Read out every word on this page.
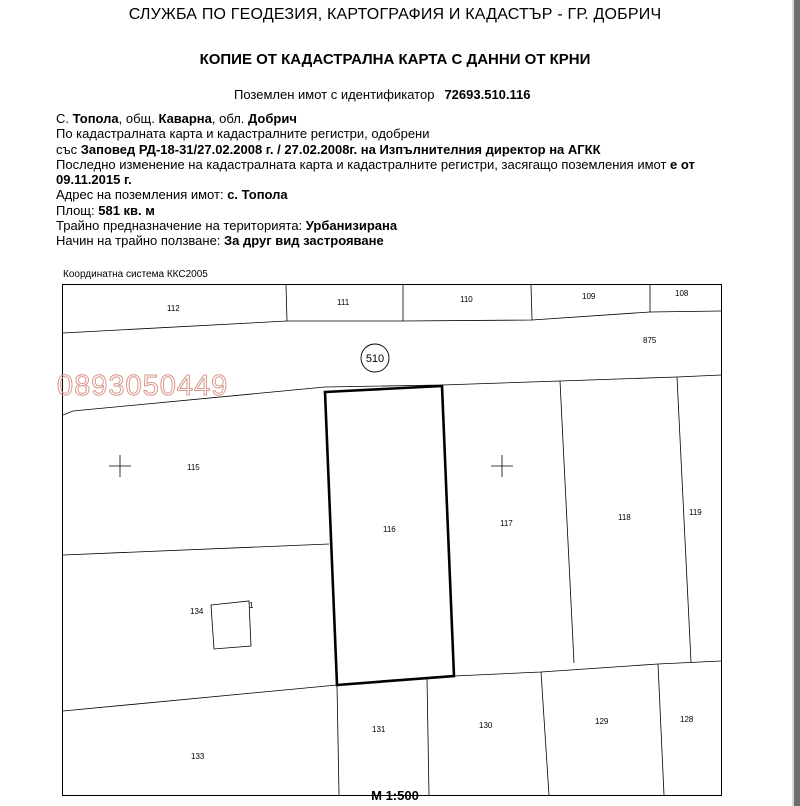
СЛУЖБА ПО ГЕОДЕЗИЯ, КАРТОГРАФИЯ И КАДАСТЪР - ГР. ДОБРИЧ
КОПИЕ ОТ КАДАСТРАЛНА КАРТА С ДАННИ ОТ КРНИ
Поземлен имот с идентификатор 72693.510.116
С. Топола, общ. Каварна, обл. Добрич
По кадастралната карта и кадастралните регистри, одобрени
със Заповед РД-18-31/27.02.2008 г. / 27.02.2008г. на Изпълнителния директор на АГКК
Последно изменение на кадастралната карта и кадастралните регистри, засягащо поземления имот е от
09.11.2015 г.
Адрес на поземления имот: с. Топола
Площ: 581 кв. м
Трайно предназначение на територията: Урбанизирана
Начин на трайно ползване: За друг вид застрояване
Координатна система ККС2005
510
112
111	110	109	108
875
115
116
117
118
119
134
1
131	130	129	128
133
0893050449
М 1:500
